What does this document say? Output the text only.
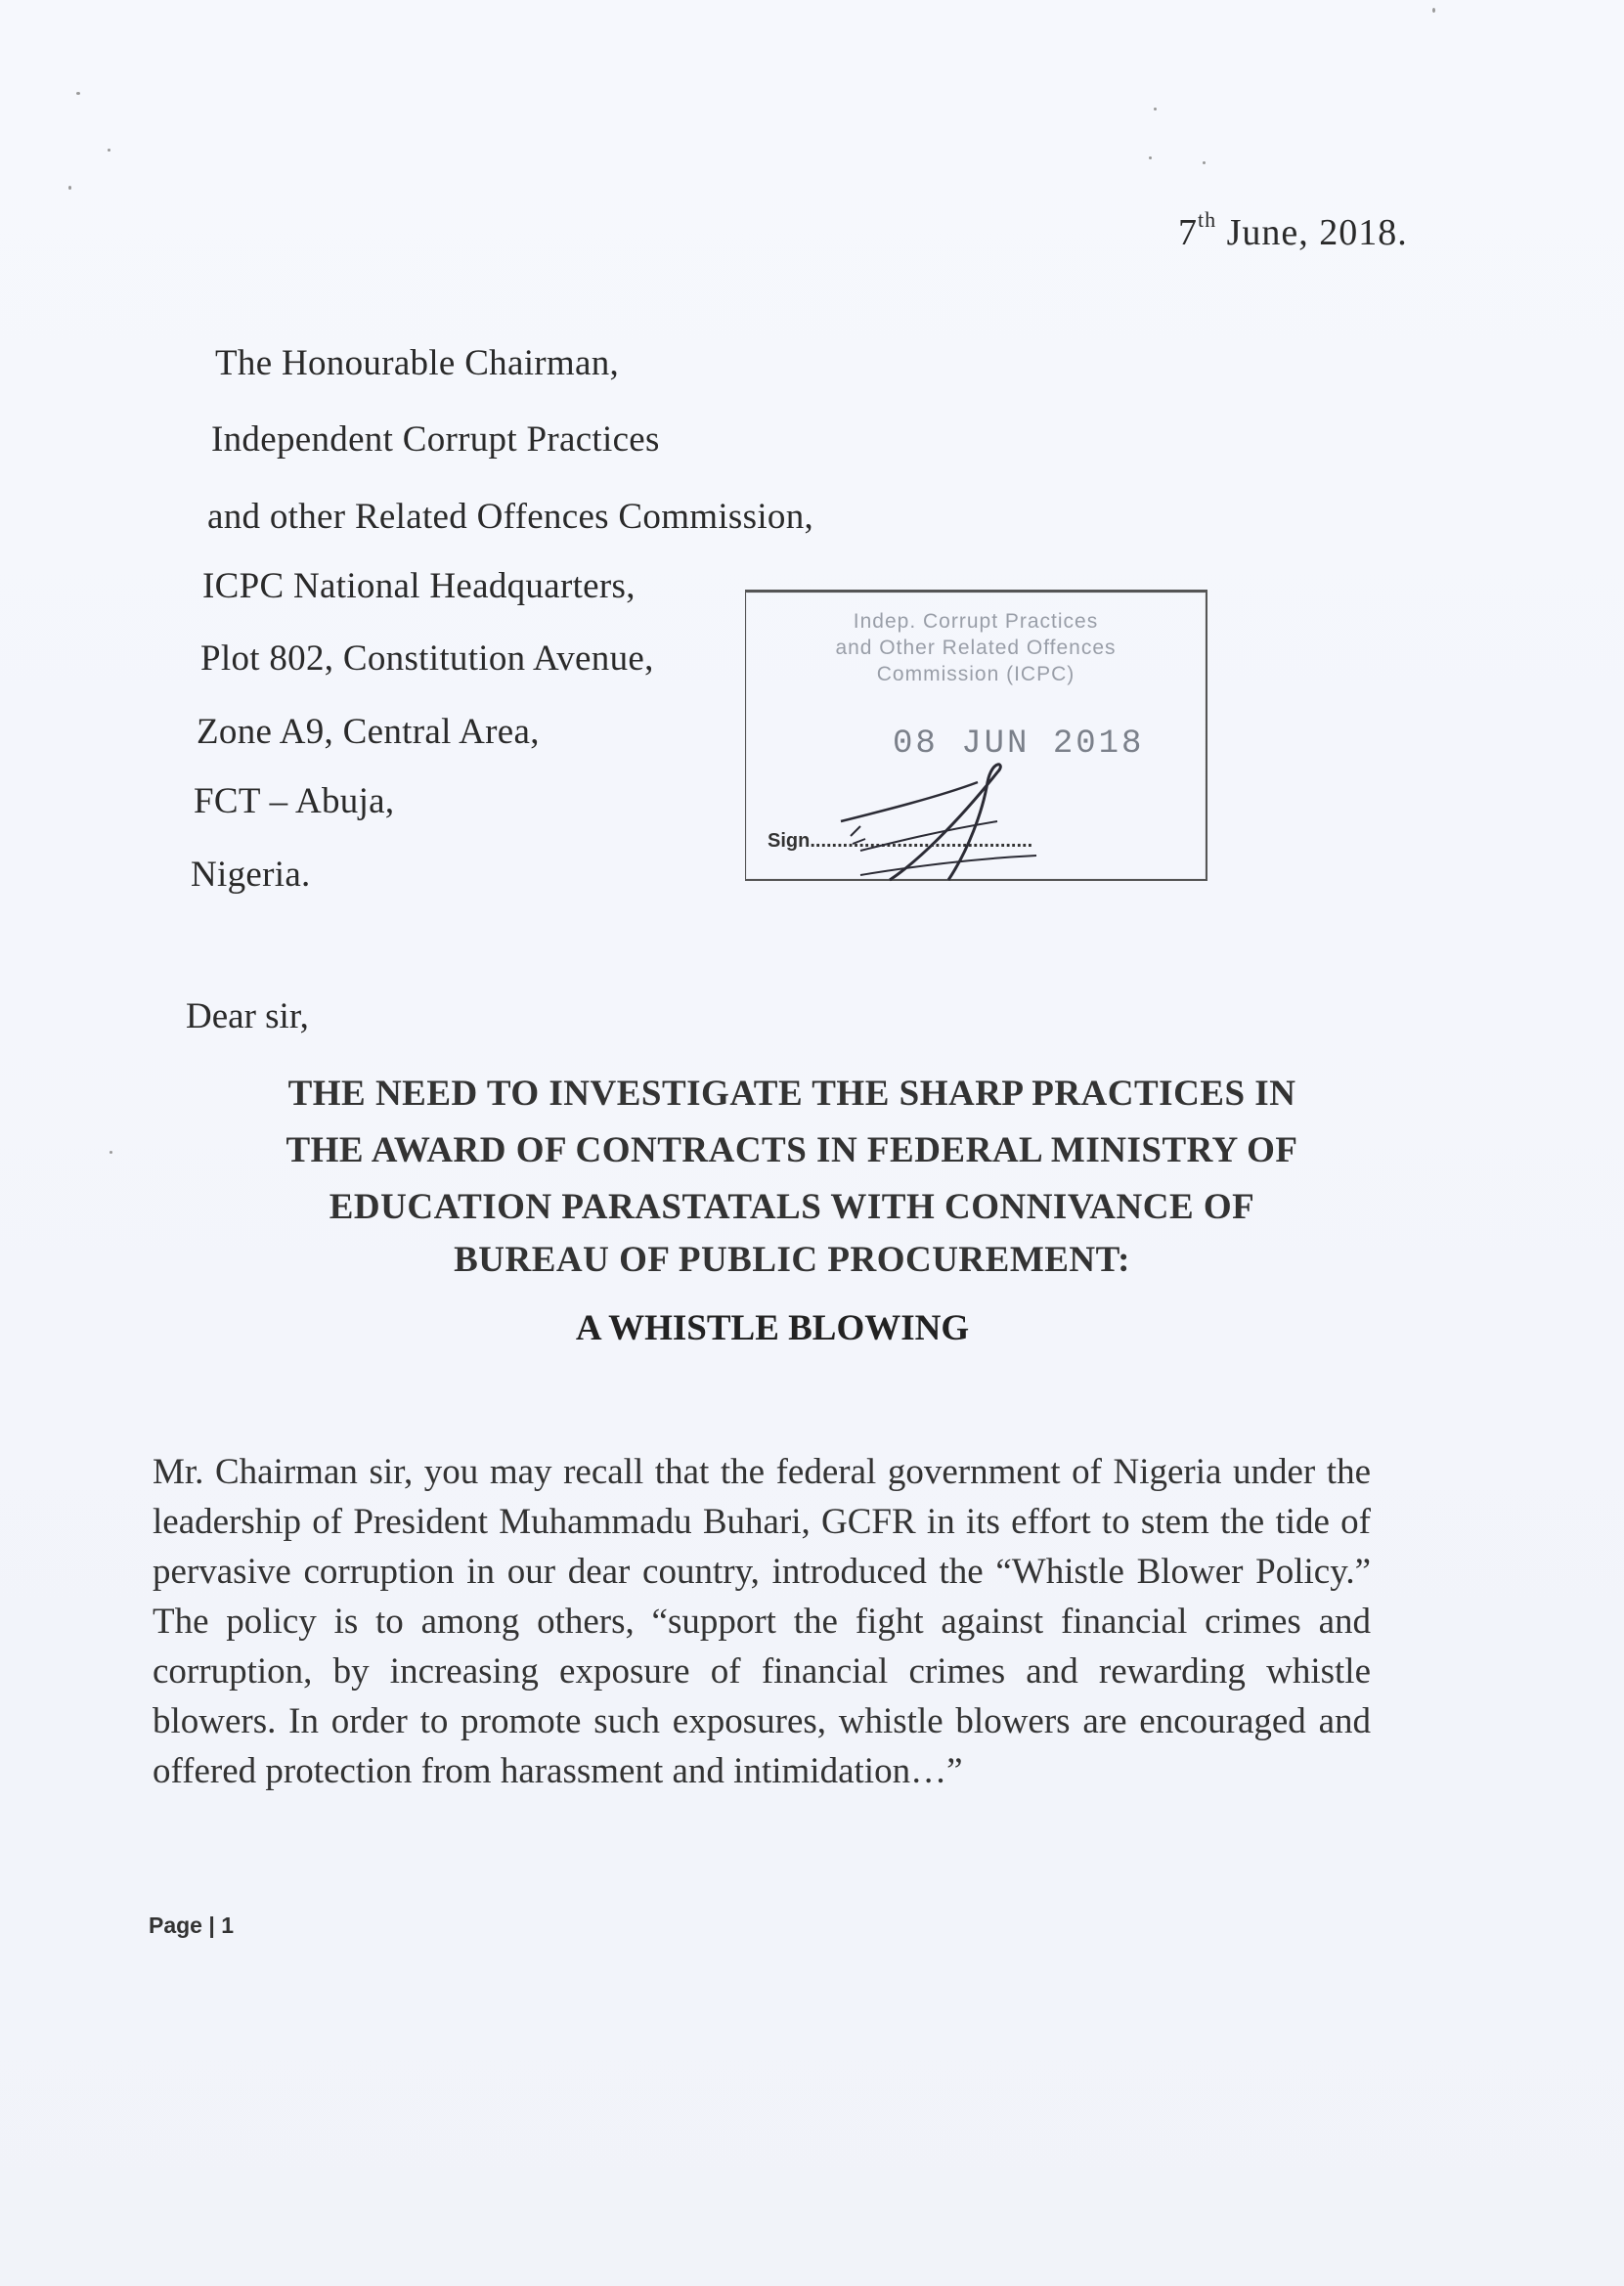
7th June, 2018.
The Honourable Chairman,
Independent Corrupt Practices
and other Related Offences Commission,
ICPC National Headquarters,
Plot 802, Constitution Avenue,
Zone A9, Central Area,
FCT – Abuja,
Nigeria.
Indep. Corrupt Practices
and Other Related Offences
Commission (ICPC)
08 JUN 2018
Sign.........................................
Dear sir,
THE NEED TO INVESTIGATE THE SHARP PRACTICES IN
THE AWARD OF CONTRACTS IN FEDERAL MINISTRY OF
EDUCATION PARASTATALS WITH CONNIVANCE OF
BUREAU OF PUBLIC PROCUREMENT:
A WHISTLE BLOWING
Mr. Chairman sir, you may recall that the federal government of Nigeria under the leadership of President Muhammadu Buhari, GCFR in its effort to stem the tide of pervasive corruption in our dear country, introduced the “Whistle Blower Policy.” The policy is to among others, “support the fight against financial crimes and corruption, by increasing exposure of financial crimes and rewarding whistle blowers. In order to promote such exposures, whistle blowers are encouraged and offered protection from harassment and intimidation…”
Page | 1
